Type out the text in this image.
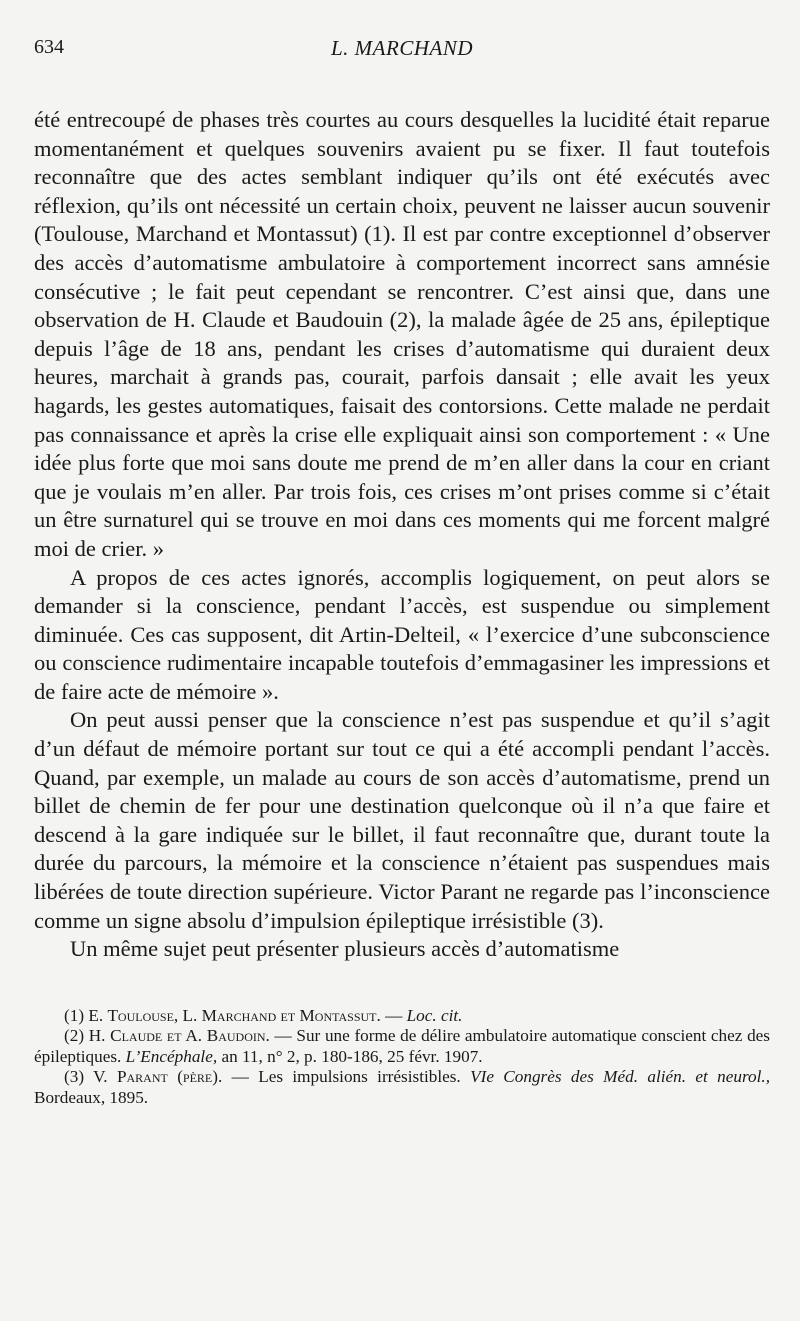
634	L. MARCHAND

été entrecoupé de phases très courtes au cours desquelles la lucidité était reparue momentanément et quelques souvenirs avaient pu se fixer. Il faut toutefois reconnaître que des actes semblant indiquer qu’ils ont été exécutés avec réflexion, qu’ils ont nécessité un certain choix, peuvent ne laisser aucun souvenir (Toulouse, Marchand et Montassut) (1). Il est par contre exceptionnel d’observer des accès d’automatisme ambulatoire à comportement incorrect sans amnésie consécutive ; le fait peut cependant se rencontrer. C’est ainsi que, dans une observation de H. Claude et Baudouin (2), la malade âgée de 25 ans, épileptique depuis l’âge de 18 ans, pendant les crises d’automatisme qui duraient deux heures, marchait à grands pas, courait, parfois dansait ; elle avait les yeux hagards, les gestes automatiques, faisait des contorsions. Cette malade ne perdait pas connaissance et après la crise elle expliquait ainsi son comportement : « Une idée plus forte que moi sans doute me prend de m’en aller dans la cour en criant que je voulais m’en aller. Par trois fois, ces crises m’ont prises comme si c’était un être surnaturel qui se trouve en moi dans ces moments qui me forcent malgré moi de crier. »

A propos de ces actes ignorés, accomplis logiquement, on peut alors se demander si la conscience, pendant l’accès, est suspendue ou simplement diminuée. Ces cas supposent, dit Artin-Delteil, « l’exercice d’une subconscience ou conscience rudimentaire incapable toutefois d’emmagasiner les impressions et de faire acte de mémoire ».

On peut aussi penser que la conscience n’est pas suspendue et qu’il s’agit d’un défaut de mémoire portant sur tout ce qui a été accompli pendant l’accès. Quand, par exemple, un malade au cours de son accès d’automatisme, prend un billet de chemin de fer pour une destination quelconque où il n’a que faire et descend à la gare indiquée sur le billet, il faut reconnaître que, durant toute la durée du parcours, la mémoire et la conscience n’étaient pas suspendues mais libérées de toute direction supérieure. Victor Parant ne regarde pas l’inconscience comme un signe absolu d’impulsion épileptique irrésistible (3).

Un même sujet peut présenter plusieurs accès d’automatisme

(1) E. Toulouse, L. Marchand et Montassut. — Loc. cit.

(2) H. Claude et A. Baudoin. — Sur une forme de délire ambulatoire automatique conscient chez des épileptiques. L’Encéphale, an 11, n° 2, p. 180-186, 25 févr. 1907.

(3) V. Parant (père). — Les impulsions irrésistibles. VIe Congrès des Méd. alién. et neurol., Bordeaux, 1895.
